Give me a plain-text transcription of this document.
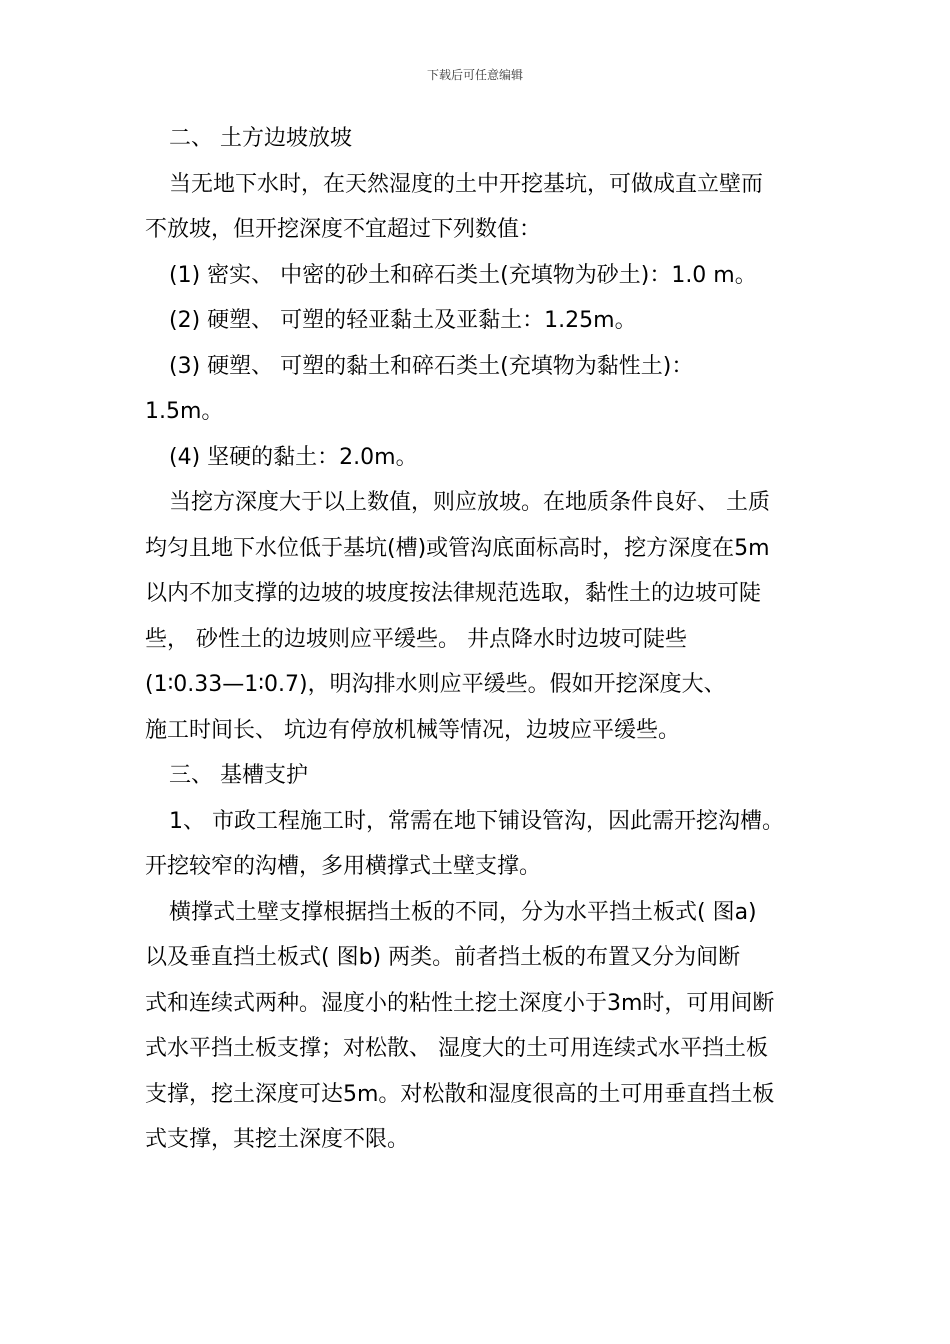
下载后可任意编辑
二、 土方边坡放坡
当无地下水时，在天然湿度的土中开挖基坑，可做成直立壁而
不放坡，但开挖深度不宜超过下列数值：
(1) 密实、 中密的砂土和碎石类土(充填物为砂土)：1.0 m。
(2) 硬塑、 可塑的轻亚黏土及亚黏土：1.25m。
(3) 硬塑、 可塑的黏土和碎石类土(充填物为黏性土)：
1.5m。
(4) 坚硬的黏土：2.0m。
当挖方深度大于以上数值，则应放坡。在地质条件良好、 土质
均匀且地下水位低于基坑(槽)或管沟底面标高时，挖方深度在5m
以内不加支撑的边坡的坡度按法律规范选取，黏性土的边坡可陡
些， 砂性土的边坡则应平缓些。 井点降水时边坡可陡些
(1∶0.33—1∶0.7)，明沟排水则应平缓些。假如开挖深度大、
施工时间长、 坑边有停放机械等情况，边坡应平缓些。
三、 基槽支护
1、 市政工程施工时，常需在地下铺设管沟，因此需开挖沟槽。
开挖较窄的沟槽，多用横撑式土壁支撑。
横撑式土壁支撑根据挡土板的不同，分为水平挡土板式( 图a)
以及垂直挡土板式( 图b) 两类。前者挡土板的布置又分为间断
式和连续式两种。湿度小的粘性土挖土深度小于3m时，可用间断
式水平挡土板支撑；对松散、 湿度大的土可用连续式水平挡土板
支撑，挖土深度可达5m。对松散和湿度很高的土可用垂直挡土板
式支撑，其挖土深度不限。
